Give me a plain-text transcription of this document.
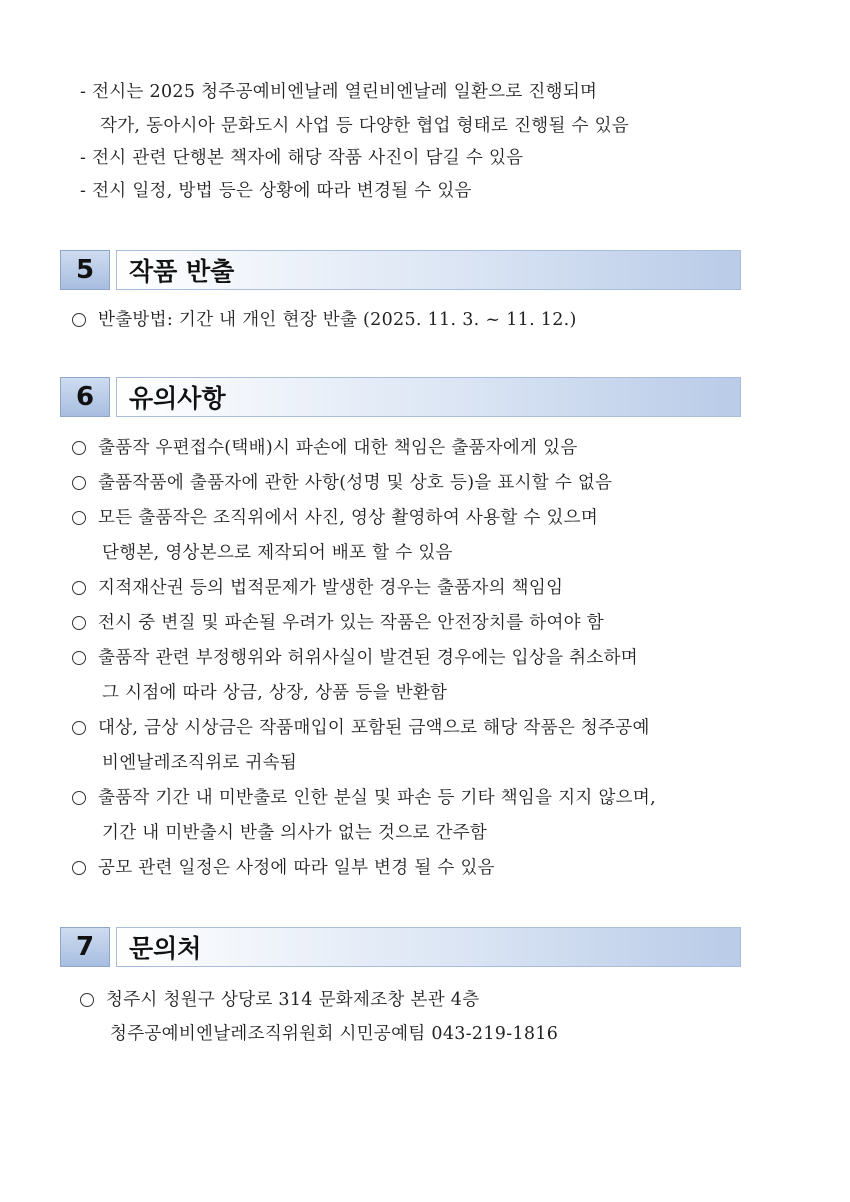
- 전시는 2025 청주공예비엔날레 열린비엔날레 일환으로 진행되며
작가, 동아시아 문화도시 사업 등 다양한 협업 형태로 진행될 수 있음
- 전시 관련 단행본 책자에 해당 작품 사진이 담길 수 있음
- 전시 일정, 방법 등은 상황에 따라 변경될 수 있음
5	작품 반출
반출방법: 기간 내 개인 현장 반출 (2025. 11. 3. ~ 11. 12.)
6	유의사항
출품작 우편접수(택배)시 파손에 대한 책임은 출품자에게 있음
출품작품에 출품자에 관한 사항(성명 및 상호 등)을 표시할 수 없음
모든 출품작은 조직위에서 사진, 영상 촬영하여 사용할 수 있으며
단행본, 영상본으로 제작되어 배포 할 수 있음
지적재산권 등의 법적문제가 발생한 경우는 출품자의 책임임
전시 중 변질 및 파손될 우려가 있는 작품은 안전장치를 하여야 함
출품작 관련 부정행위와 허위사실이 발견된 경우에는 입상을 취소하며
그 시점에 따라 상금, 상장, 상품 등을 반환함
대상, 금상 시상금은 작품매입이 포함된 금액으로 해당 작품은 청주공예
비엔날레조직위로 귀속됨
출품작 기간 내 미반출로 인한 분실 및 파손 등 기타 책임을 지지 않으며,
기간 내 미반출시 반출 의사가 없는 것으로 간주함
공모 관련 일정은 사정에 따라 일부 변경 될 수 있음
7	문의처
청주시 청원구 상당로 314 문화제조창 본관 4층
청주공예비엔날레조직위원회 시민공예팀 043-219-1816
